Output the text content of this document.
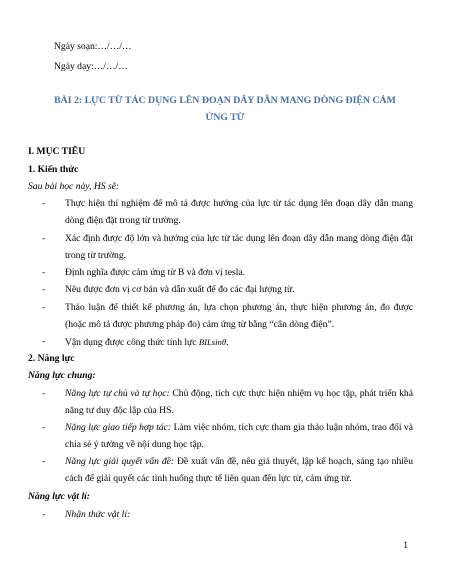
Ngày soạn:…/…/…
Ngày dạy:…/…/…
BÀI 2: LỰC TỪ TÁC DỤNG LÊN ĐOẠN DÂY DẪN MANG DÒNG ĐIỆN CẢM
ỨNG TỪ
I. MỤC TIÊU
1. Kiến thức
Sau bài học này, HS sẽ:
- Thực hiện thí nghiệm để mô tả được hướng của lực từ tác dụng lên đoạn dây dẫn mang dòng điện đặt trong từ trường.
- Xác định được độ lớn và hướng của lực từ tác dụng lên đoạn dây dẫn mang dòng điện đặt trong từ trường.
- Định nghĩa được cảm ứng từ B và đơn vị tesla.
- Nêu được đơn vị cơ bản và dẫn xuất để đo các đại lượng từ.
- Thảo luận để thiết kế phương án, lựa chọn phương án, thực hiện phương án, đo được (hoặc mô tả được phương pháp đo) cảm ứng từ bằng “cân dòng điện”.
- Vận dụng được công thức tính lực BILsinθ.
2. Năng lực
Năng lực chung:
- Năng lực tự chủ và tự học: Chủ động, tích cực thực hiện nhiệm vụ học tập, phát triển khả năng tư duy độc lập của HS.
- Năng lực giao tiếp hợp tác: Làm việc nhóm, tích cực tham gia thảo luận nhóm, trao đổi và chia sẻ ý tưởng về nội dung học tập.
- Năng lực giải quyết vấn đề: Đề xuất vấn đề, nêu giả thuyết, lập kế hoạch, sáng tạo nhiều cách để giải quyết các tình huống thực tế liên quan đến lực từ, cảm ứng từ.
Năng lực vật lí:
- Nhận thức vật lí:
1
